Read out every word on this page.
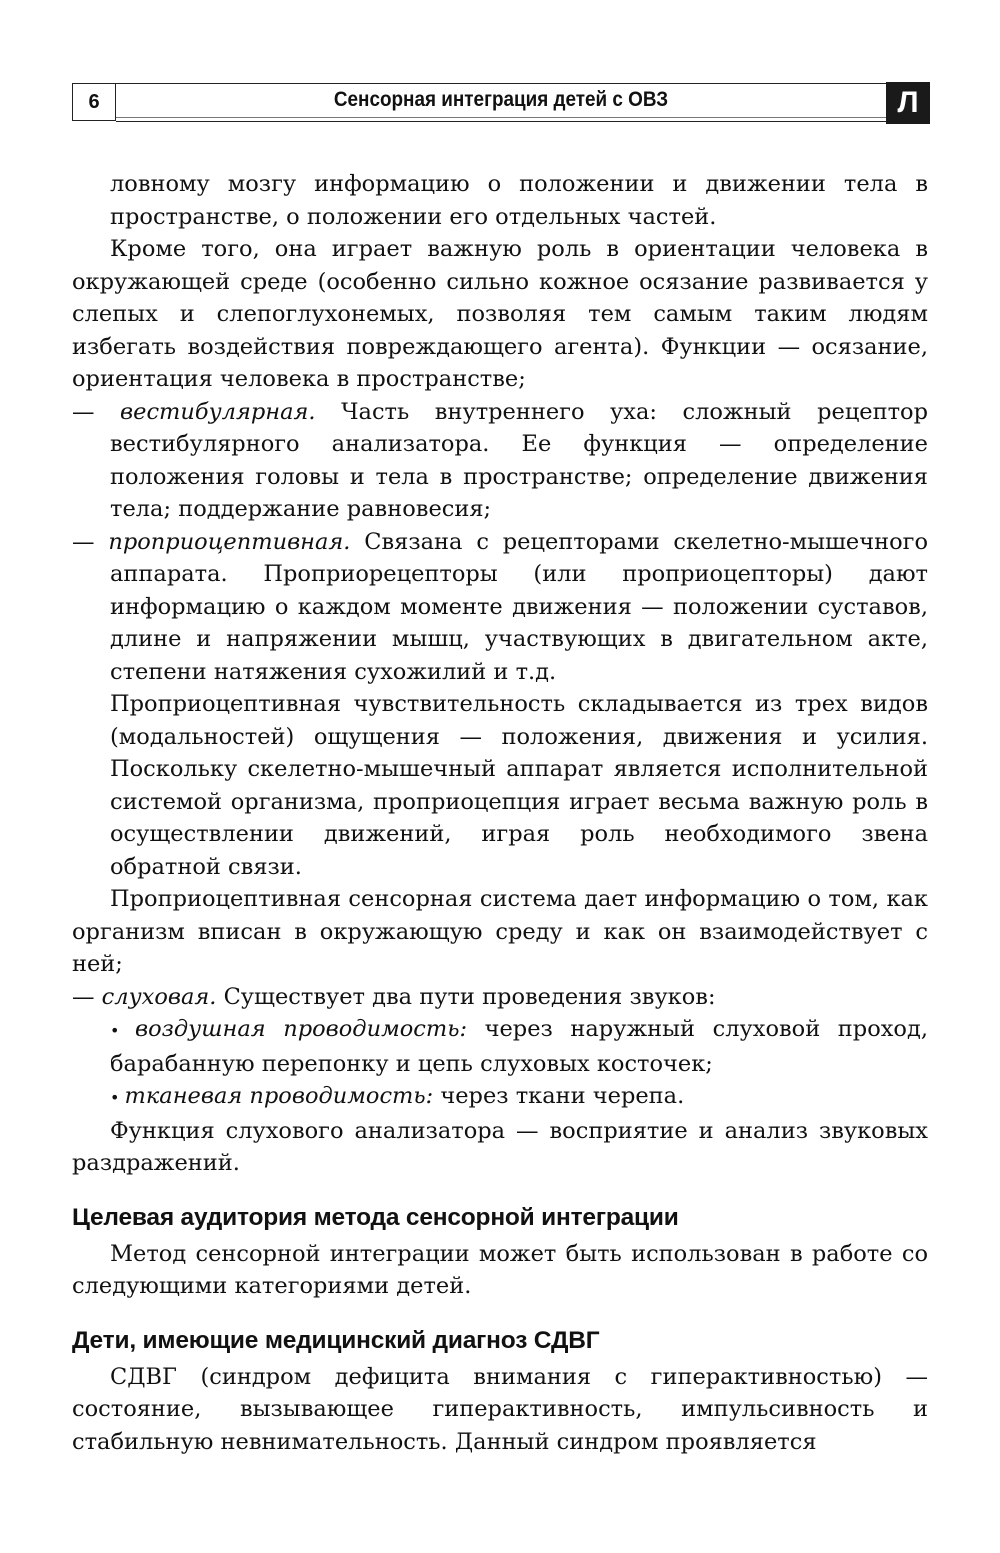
6	Сенсорная интеграция детей с ОВЗ	Л

ловному мозгу информацию о положении и движении тела в пространстве, о положении его отдельных частей.

Кроме того, она играет важную роль в ориентации человека в окружающей среде (особенно сильно кожное осязание развивается у слепых и слепоглухонемых, позволяя тем самым таким людям избегать воздействия повреждающего агента). Функции — осязание, ориентация человека в пространстве;

— вестибулярная. Часть внутреннего уха: сложный рецептор вестибулярного анализатора. Ее функция — определение положения головы и тела в пространстве; определение движения тела; поддержание равновесия;

— проприоцептивная. Связана с рецепторами скелетно-мышечного аппарата. Проприорецепторы (или проприоцепторы) дают информацию о каждом моменте движения — положении суставов, длине и напряжении мышц, участвующих в двигательном акте, степени натяжения сухожилий и т.д.

Проприоцептивная чувствительность складывается из трех видов (модальностей) ощущения — положения, движения и усилия. Поскольку скелетно-мышечный аппарат является исполнительной системой организма, проприоцепция играет весьма важную роль в осуществлении движений, играя роль необходимого звена обратной связи.

Проприоцептивная сенсорная система дает информацию о том, как организм вписан в окружающую среду и как он взаимодействует с ней;

— слуховая. Существует два пути проведения звуков:

• воздушная проводимость: через наружный слуховой проход, барабанную перепонку и цепь слуховых косточек;

• тканевая проводимость: через ткани черепа.

Функция слухового анализатора — восприятие и анализ звуковых раздражений.

Целевая аудитория метода сенсорной интеграции

Метод сенсорной интеграции может быть использован в работе со следующими категориями детей.

Дети, имеющие медицинский диагноз СДВГ

СДВГ (синдром дефицита внимания с гиперактивностью) — состояние, вызывающее гиперактивность, импульсивность и стабильную невнимательность. Данный синдром проявляется
